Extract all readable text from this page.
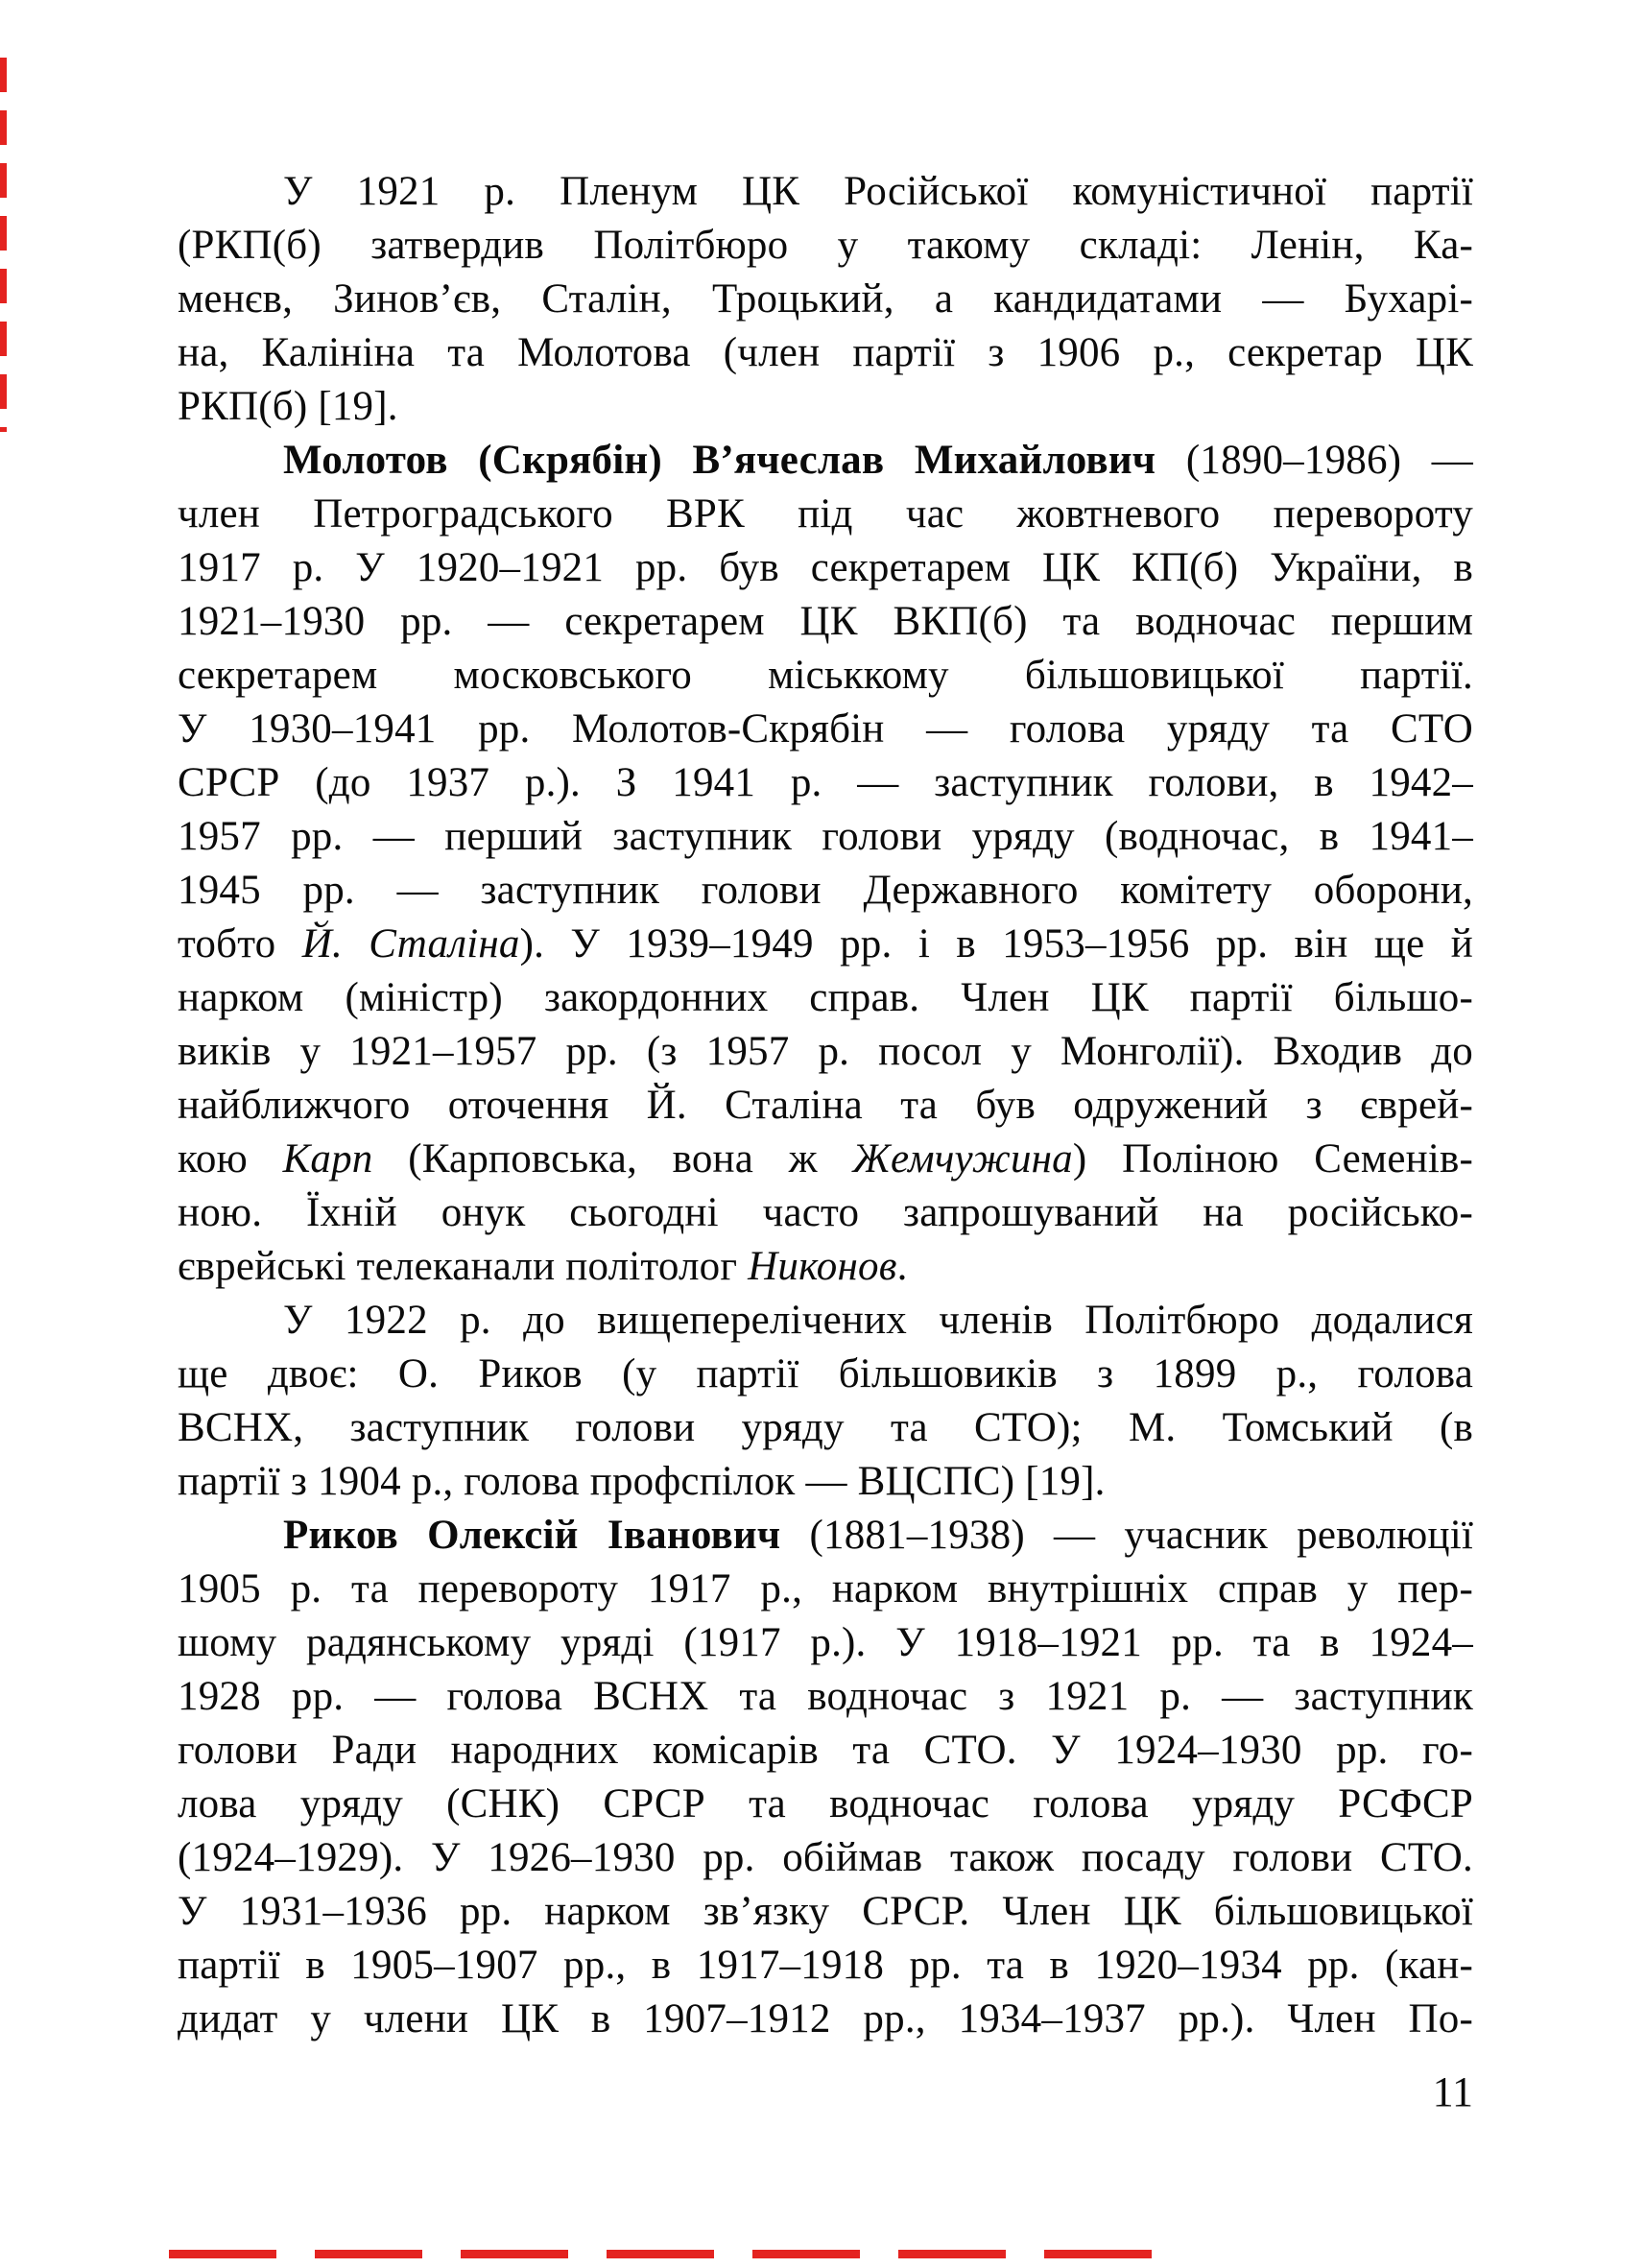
У 1921 р. Пленум ЦК Російської комуністичної партії
(РКП(б) затвердив Політбюро у такому складі: Ленін, Ка-
менєв, Зинов’єв, Сталін, Троцький, а кандидатами — Бухарі-
на, Калініна та Молотова (член партії з 1906 р., секретар ЦК
РКП(б) [19].
Молотов (Скрябін) В’ячеслав Михайлович (1890–1986) —
член Петроградського ВРК під час жовтневого перевороту
1917 р. У 1920–1921 рр. був секретарем ЦК КП(б) України, в
1921–1930 рр. — секретарем ЦК ВКП(б) та водночас першим
секретарем московського міськкому більшовицької партії.
У 1930–1941 рр. Молотов-Скрябін — голова уряду та СТО
СРСР (до 1937 р.). З 1941 р. — заступник голови, в 1942–
1957 рр. — перший заступник голови уряду (водночас, в 1941–
1945 рр. — заступник голови Державного комітету оборони,
тобто Й. Сталіна). У 1939–1949 рр. і в 1953–1956 рр. він ще й
нарком (міністр) закордонних справ. Член ЦК партії більшо-
виків у 1921–1957 рр. (з 1957 р. посол у Монголії). Входив до
найближчого оточення Й. Сталіна та був одружений з єврей-
кою Карп (Карповська, вона ж Жемчужина) Поліною Семенів-
ною. Їхній онук сьогодні часто запрошуваний на російсько-
єврейські телеканали політолог Никонов.
У 1922 р. до вищеперелічених членів Політбюро додалися
ще двоє: О. Риков (у партії більшовиків з 1899 р., голова
ВСНХ, заступник голови уряду та СТО); М. Томський (в
партії з 1904 р., голова профспілок — ВЦСПС) [19].
Риков Олексій Іванович (1881–1938) — учасник революції
1905 р. та перевороту 1917 р., нарком внутрішніх справ у пер-
шому радянському уряді (1917 р.). У 1918–1921 рр. та в 1924–
1928 рр. — голова ВСНХ та водночас з 1921 р. — заступник
голови Ради народних комісарів та СТО. У 1924–1930 рр. го-
лова уряду (СНК) СРСР та водночас голова уряду РСФСР
(1924–1929). У 1926–1930 рр. обіймав також посаду голови СТО.
У 1931–1936 рр. нарком зв’язку СРСР. Член ЦК більшовицької
партії в 1905–1907 рр., в 1917–1918 рр. та в 1920–1934 рр. (кан-
дидат у члени ЦК в 1907–1912 рр., 1934–1937 рр.). Член По-
11
